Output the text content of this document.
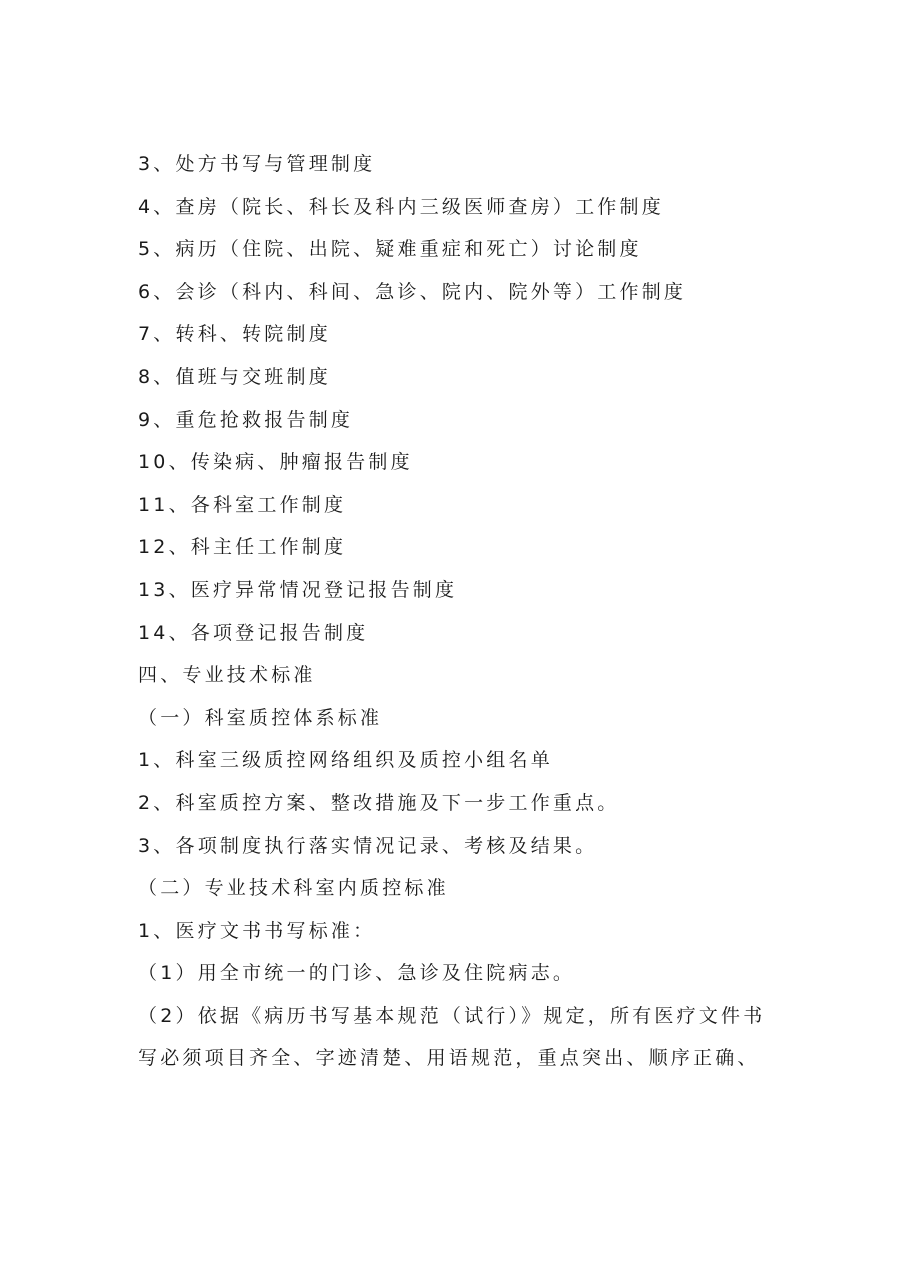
3、处方书写与管理制度
4、查房（院长、科长及科内三级医师查房）工作制度
5、病历（住院、出院、疑难重症和死亡）讨论制度
6、会诊（科内、科间、急诊、院内、院外等）工作制度
7、转科、转院制度
8、值班与交班制度
9、重危抢救报告制度
10、传染病、肿瘤报告制度
11、各科室工作制度
12、科主任工作制度
13、医疗异常情况登记报告制度
14、各项登记报告制度
四、专业技术标准
（一）科室质控体系标准
1、科室三级质控网络组织及质控小组名单
2、科室质控方案、整改措施及下一步工作重点。
3、各项制度执行落实情况记录、考核及结果。
（二）专业技术科室内质控标准
1、医疗文书书写标准：
（1）用全市统一的门诊、急诊及住院病志。
（2）依据《病历书写基本规范（试行）》规定，所有医疗文件书
写必须项目齐全、字迹清楚、用语规范，重点突出、顺序正确、
